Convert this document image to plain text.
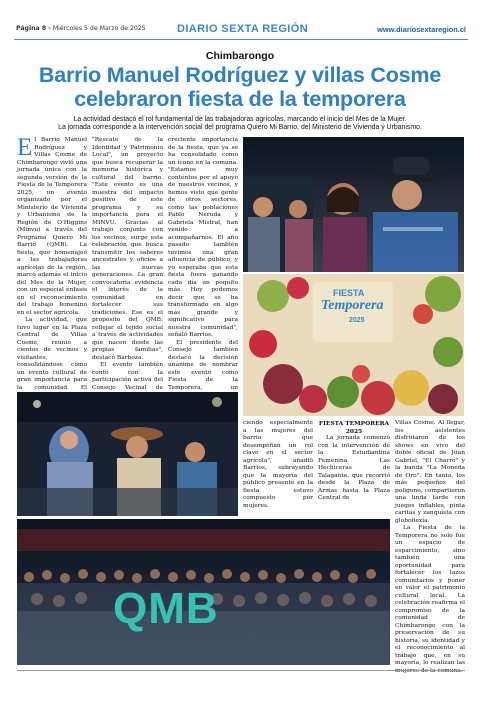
Página 8 - Miércoles 5 de Marzo de 2025	DIARIO SEXTA REGIÓN	www.diariosextaregion.cl
Chimbarongo
Barrio Manuel Rodríguez y villas Cosme celebraron fiesta de la temporera
La actividad destacó el rol fundamental de las trabajadoras agrícolas, marcando el inicio del Mes de la Mujer.
La jornada corresponde a la intervención social del programa Quiero Mi Barrio, del Ministerio de Vivienda y Urbanismo.

El Barrio Manuel Rodríguez y Villas Cosme de Chimbarongo vivió una jornada única con la segunda versión de la Fiesta de la Temporera 2025, un evento organizado por el Ministerio de Vivienda y Urbanismo de la Región de O'Higgins (Minvu) a través del Programa Quiero Mi Barrio (QMB). La fiesta, que homenajeó a las trabajadoras agrícolas de la región, marcó además el inicio del Mes de la Mujer, con un especial énfasis en el reconocimiento del trabajo femenino en el sector agrícola.

La actividad, que tuvo lugar en la Plaza Central de Villas Cosme, reunió a cientos de vecinos y visitantes, consolidándose como un evento cultural de gran importancia para la comunidad. El

"Rescate de la Identidad y Patrimonio Local", un proyecto que busca recuperar la memoria histórica y cultural del barrio. "Este evento es una muestra del impacto positivo de este programa y su importancia para el MINVU. Gracias al trabajo conjunto con los vecinos, surge esta celebración que busca transmitir los saberes ancestrales y oficios a las nuevas generaciones. La gran convocatoria evidencia el interés de la comunidad en fortalecer sus tradiciones. Ese es el propósito del QMB: reflejar el tejido social a través de actividades que nacen desde las propias familias", destacó Barboza.

El evento también contó con la participación activa del Consejo Vecinal de

creciente importancia de la fiesta, que ya se ha consolidado como un ícono en la comuna. "Estamos muy contentos por el apoyo de nuestros vecinos, y hemos visto que gente de otros sectores, como las poblaciones Pablo Neruda y Gabriela Mistral, han venido a acompañarnos. El año pasado también tuvimos una gran afluencia de público, y yo esperaba que esta fiesta fuera ganando cada día un poquito más. Hoy podemos decir que se ha transformado en algo más grande y significativo para nuestra comunidad", señaló Barrios.

El presidente del Consejo también destacó la decisión unánime de nombrar este evento como Fiesta de la Temporera, un

FIESTA
Temporera
2025

ciendo especialmente a las mujeres del barrio que desempeñan un rol clave en el sector agrícola", añadió Barrios, subrayando que la mayoría del público presente en la fiesta estuvo compuesto por mujeres.

FIESTA TEMPORERA 2025

La jornada comenzó con la intervención de la Estudiantina Femenina Las Hechiceras de Talagante, que recorrió desde la Plaza de Armas hasta la Plaza Central de

Villas Cosme. Al llegar, los asistentes disfrutaron de los shows en vivo del doble oficial de Juan Gabriel, "El Charro" y la banda "La Moneda de Oro". En tanto, los más pequeños del poligono, compartieron una linda tarde con juegos inflables, pinta caritas y zanquista con globoflexia.

La Fiesta de la Temporera no solo fue un espacio de esparcimiento, sino también una oportunidad para fortalecer los lazos comunitarios y poner en valor el patrimonio cultural local. La celebración reafirma el compromiso de la comunidad de Chimbarongo con la preservación de su historia, su identidad y el reconocimiento al trabajo que, en su mayoría, lo realizan las

QMB
